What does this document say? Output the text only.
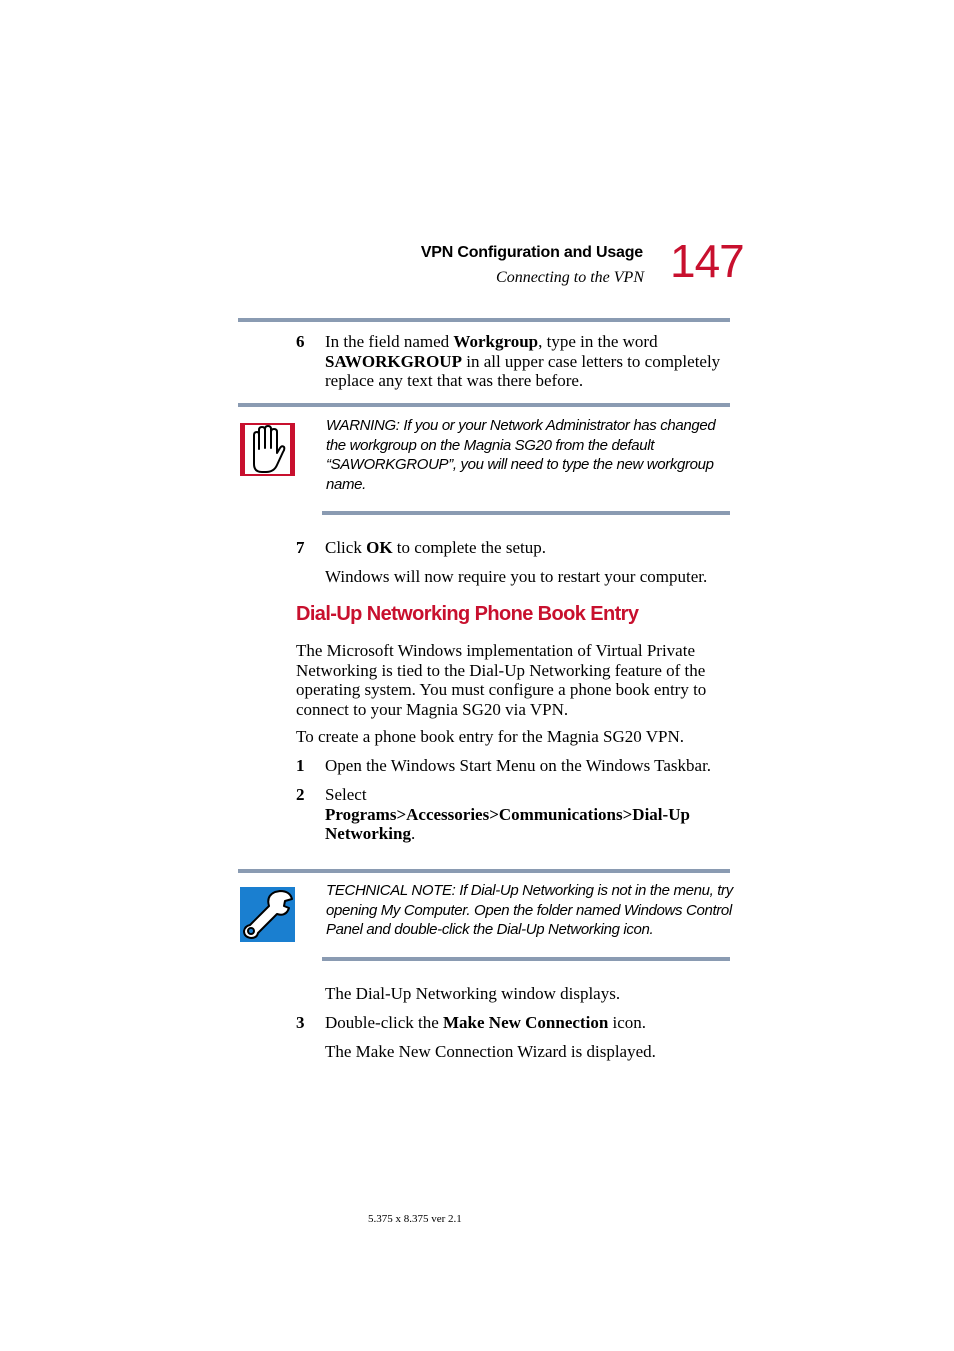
VPN Configuration and Usage
Connecting to the VPN 147
6 In the field named Workgroup, type in the word SAWORKGROUP in all upper case letters to completely replace any text that was there before.
WARNING: If you or your Network Administrator has changed the workgroup on the Magnia SG20 from the default “SAWORKGROUP”, you will need to type the new workgroup name.
7 Click OK to complete the setup.
Windows will now require you to restart your computer.
Dial-Up Networking Phone Book Entry
The Microsoft Windows implementation of Virtual Private Networking is tied to the Dial-Up Networking feature of the operating system. You must configure a phone book entry to connect to your Magnia SG20 via VPN.
To create a phone book entry for the Magnia SG20 VPN.
1 Open the Windows Start Menu on the Windows Taskbar.
2 Select
Programs>Accessories>Communications>Dial-Up Networking.
TECHNICAL NOTE: If Dial-Up Networking is not in the menu, try opening My Computer. Open the folder named Windows Control Panel and double-click the Dial-Up Networking icon.
The Dial-Up Networking window displays.
3 Double-click the Make New Connection icon.
The Make New Connection Wizard is displayed.
5.375 x 8.375 ver 2.1
